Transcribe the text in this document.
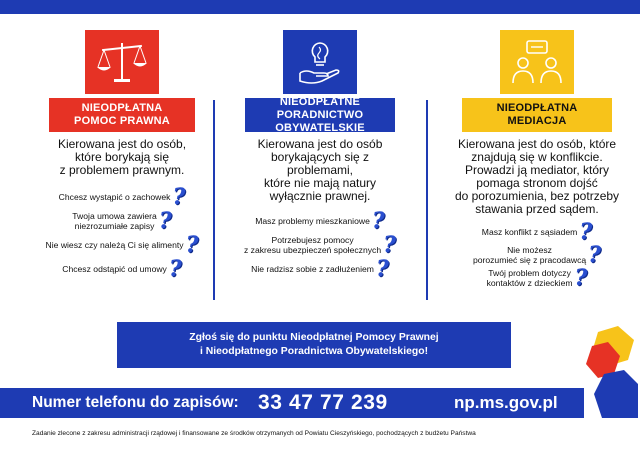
NIEODPŁATNA
POMOC PRAWNA
Kierowana jest do osób,
które borykają się
z problemem prawnym.
Chcesz wystąpić o zachowek ?
Twoja umowa zawiera
niezrozumiałe zapisy ?
Nie wiesz czy należą Ci się alimenty ?
Chcesz odstąpić od umowy ?
NIEODPŁATNE
PORADNICTWO OBYWATELSKIE
Kierowana jest do osób
borykających się z problemami,
które nie mają natury
wyłącznie prawnej.
Masz problemy mieszkaniowe ?
Potrzebujesz pomocy
z zakresu ubezpieczeń społecznych ?
Nie radzisz sobie z zadłużeniem ?
NIEODPŁATNA
MEDIACJA
Kierowana jest do osób, które
znajdują się w konflikcie.
Prowadzi ją mediator, który
pomaga stronom dojść
do porozumienia, bez potrzeby
stawania przed sądem.
Masz konflikt z sąsiadem ?
Nie możesz
porozumieć się z pracodawcą ?
Twój problem dotyczy
kontaktów z dzieckiem ?
Zgłoś się do punktu Nieodpłatnej Pomocy Prawnej
i Nieodpłatnego Poradnictwa Obywatelskiego!
Numer telefonu do zapisów: 33 47 77 239	np.ms.gov.pl
Zadanie zlecone z zakresu administracji rządowej i finansowane ze środków otrzymanych od Powiatu Cieszyńskiego, pochodzących z budżetu Państwa
